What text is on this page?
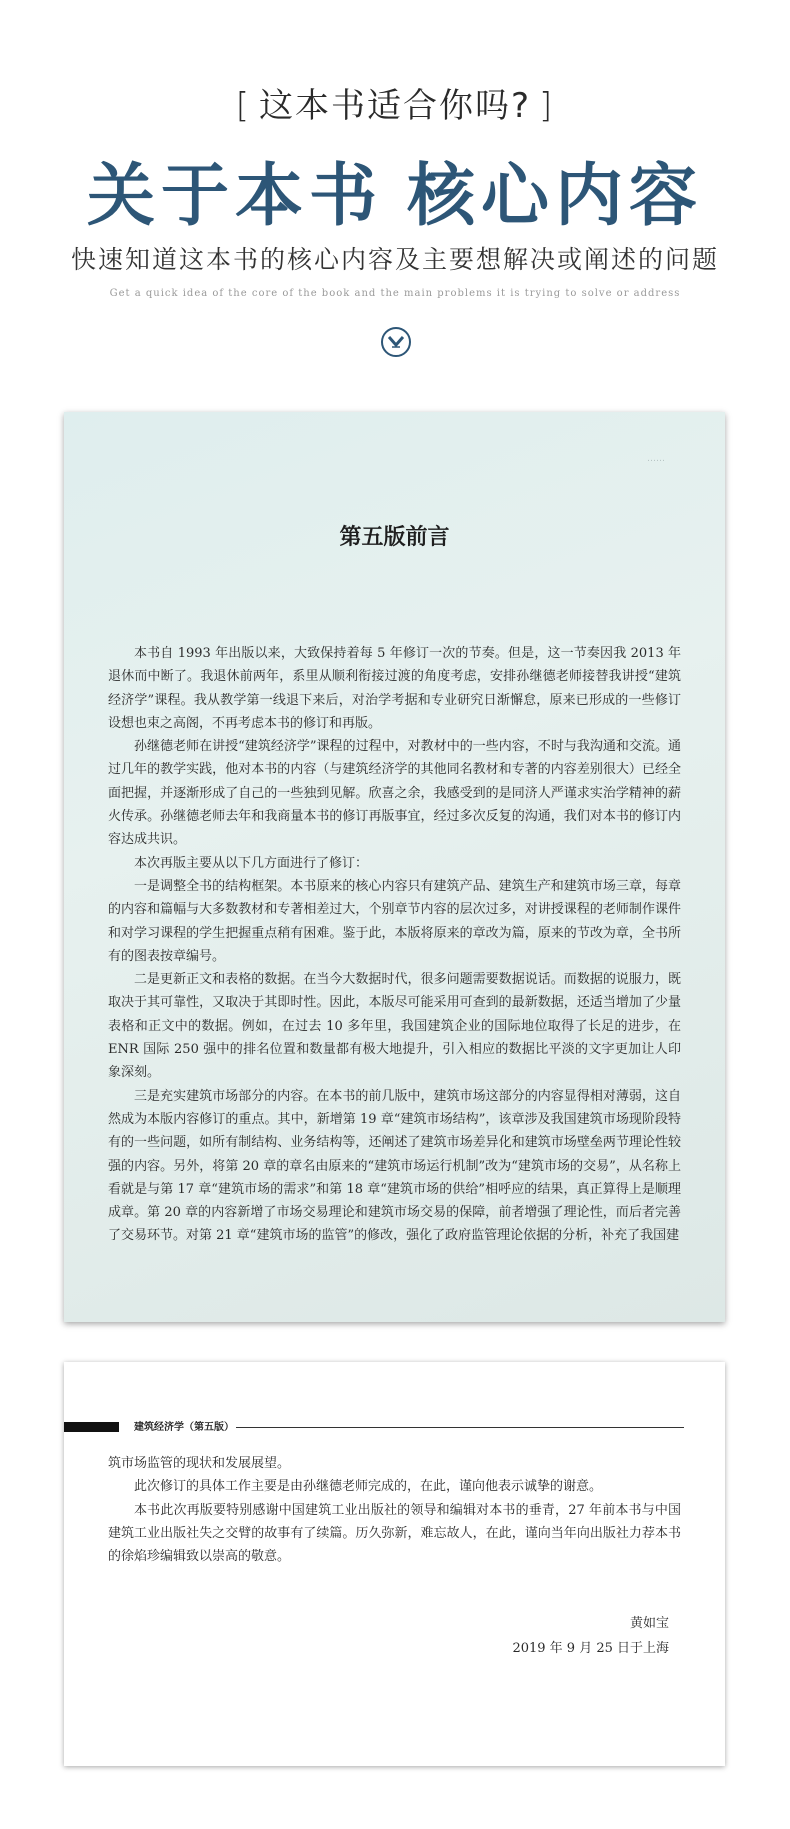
[ 这本书适合你吗? ]
关于本书 核心内容
快速知道这本书的核心内容及主要想解决或阐述的问题
Get a quick idea of the core of the book and the main problems it is trying to solve or address
……
第五版前言

本书自 1993 年出版以来，大致保持着每 5 年修订一次的节奏。但是，这一节奏因我 2013 年退休而中断了。我退休前两年，系里从顺利衔接过渡的角度考虑，安排孙继德老师接替我讲授“建筑经济学”课程。我从教学第一线退下来后，对治学考据和专业研究日渐懈怠，原来已形成的一些修订设想也束之高阁，不再考虑本书的修订和再版。

孙继德老师在讲授“建筑经济学”课程的过程中，对教材中的一些内容，不时与我沟通和交流。通过几年的教学实践，他对本书的内容（与建筑经济学的其他同名教材和专著的内容差别很大）已经全面把握，并逐渐形成了自己的一些独到见解。欣喜之余，我感受到的是同济人严谨求实治学精神的薪火传承。孙继德老师去年和我商量本书的修订再版事宜，经过多次反复的沟通，我们对本书的修订内容达成共识。

本次再版主要从以下几方面进行了修订：

一是调整全书的结构框架。本书原来的核心内容只有建筑产品、建筑生产和建筑市场三章，每章的内容和篇幅与大多数教材和专著相差过大，个别章节内容的层次过多，对讲授课程的老师制作课件和对学习课程的学生把握重点稍有困难。鉴于此，本版将原来的章改为篇，原来的节改为章，全书所有的图表按章编号。

二是更新正文和表格的数据。在当今大数据时代，很多问题需要数据说话。而数据的说服力，既取决于其可靠性，又取决于其即时性。因此，本版尽可能采用可查到的最新数据，还适当增加了少量表格和正文中的数据。例如，在过去 10 多年里，我国建筑企业的国际地位取得了长足的进步，在 ENR 国际 250 强中的排名位置和数量都有极大地提升，引入相应的数据比平淡的文字更加让人印象深刻。

三是充实建筑市场部分的内容。在本书的前几版中，建筑市场这部分的内容显得相对薄弱，这自然成为本版内容修订的重点。其中，新增第 19 章“建筑市场结构”，该章涉及我国建筑市场现阶段特有的一些问题，如所有制结构、业务结构等，还阐述了建筑市场差异化和建筑市场壁垒两节理论性较强的内容。另外，将第 20 章的章名由原来的“建筑市场运行机制”改为“建筑市场的交易”，从名称上看就是与第 17 章“建筑市场的需求”和第 18 章“建筑市场的供给”相呼应的结果，真正算得上是顺理成章。第 20 章的内容新增了市场交易理论和建筑市场交易的保障，前者增强了理论性，而后者完善了交易环节。对第 21 章“建筑市场的监管”的修改，强化了政府监管理论依据的分析，补充了我国建

建筑经济学（第五版）

筑市场监管的现状和发展展望。

此次修订的具体工作主要是由孙继德老师完成的，在此，谨向他表示诚挚的谢意。

本书此次再版要特别感谢中国建筑工业出版社的领导和编辑对本书的垂青，27 年前本书与中国建筑工业出版社失之交臂的故事有了续篇。历久弥新，难忘故人，在此，谨向当年向出版社力荐本书的徐焰珍编辑致以崇高的敬意。

黄如宝
2019 年 9 月 25 日于上海
